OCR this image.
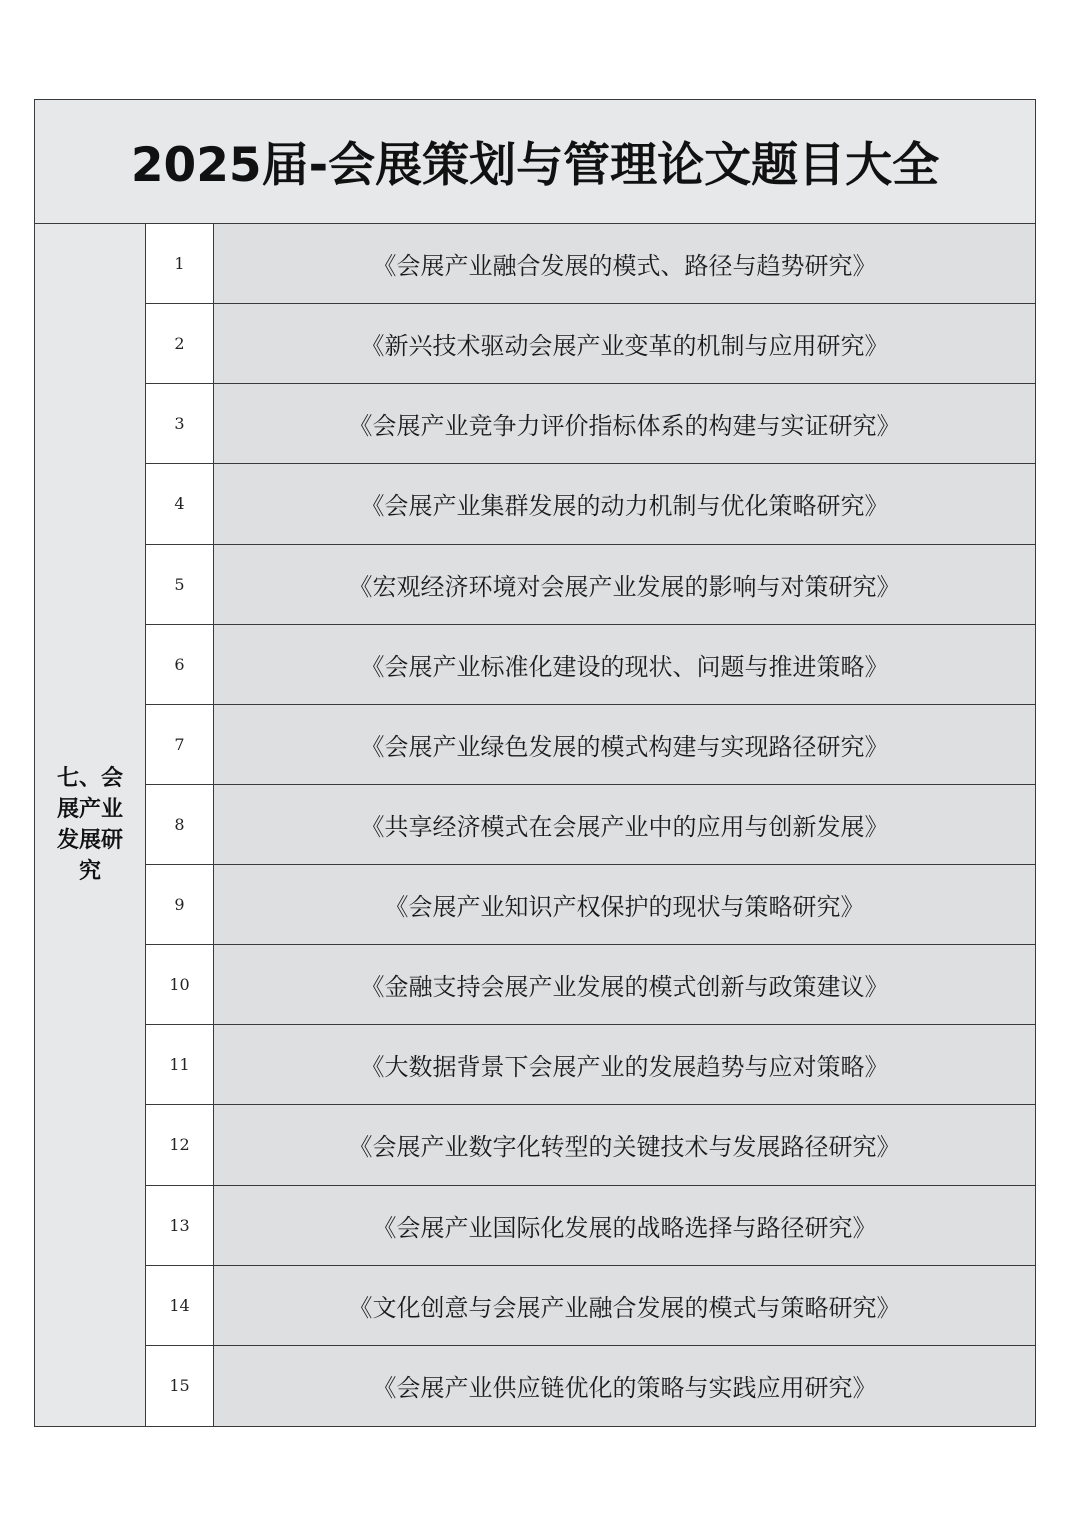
2025届-会展策划与管理论文题目大全
七、会展产业发展研究
1	《会展产业融合发展的模式、路径与趋势研究》
2	《新兴技术驱动会展产业变革的机制与应用研究》
3	《会展产业竞争力评价指标体系的构建与实证研究》
4	《会展产业集群发展的动力机制与优化策略研究》
5	《宏观经济环境对会展产业发展的影响与对策研究》
6	《会展产业标准化建设的现状、问题与推进策略》
7	《会展产业绿色发展的模式构建与实现路径研究》
8	《共享经济模式在会展产业中的应用与创新发展》
9	《会展产业知识产权保护的现状与策略研究》
10	《金融支持会展产业发展的模式创新与政策建议》
11	《大数据背景下会展产业的发展趋势与应对策略》
12	《会展产业数字化转型的关键技术与发展路径研究》
13	《会展产业国际化发展的战略选择与路径研究》
14	《文化创意与会展产业融合发展的模式与策略研究》
15	《会展产业供应链优化的策略与实践应用研究》
